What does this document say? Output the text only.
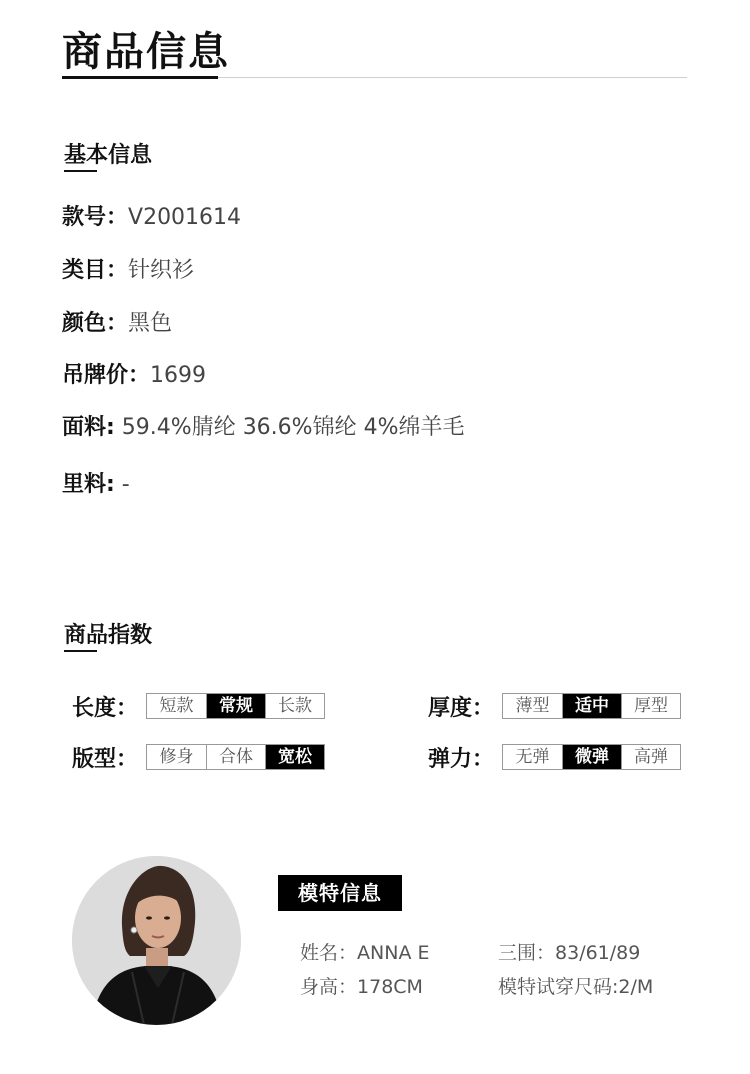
商品信息
基本信息
款号：V2001614
类目：针织衫
颜色：黑色
吊牌价：1699
面料: 59.4%腈纶 36.6%锦纶 4%绵羊毛
里料: -
商品指数
长度：	短款	常规	长款	厚度：	薄型	适中	厚型
版型：	修身	合体	宽松	弹力：	无弹	微弹	高弹
模特信息
姓名：ANNA E
身高：178CM
三围：83/61/89
模特试穿尺码:2/M
